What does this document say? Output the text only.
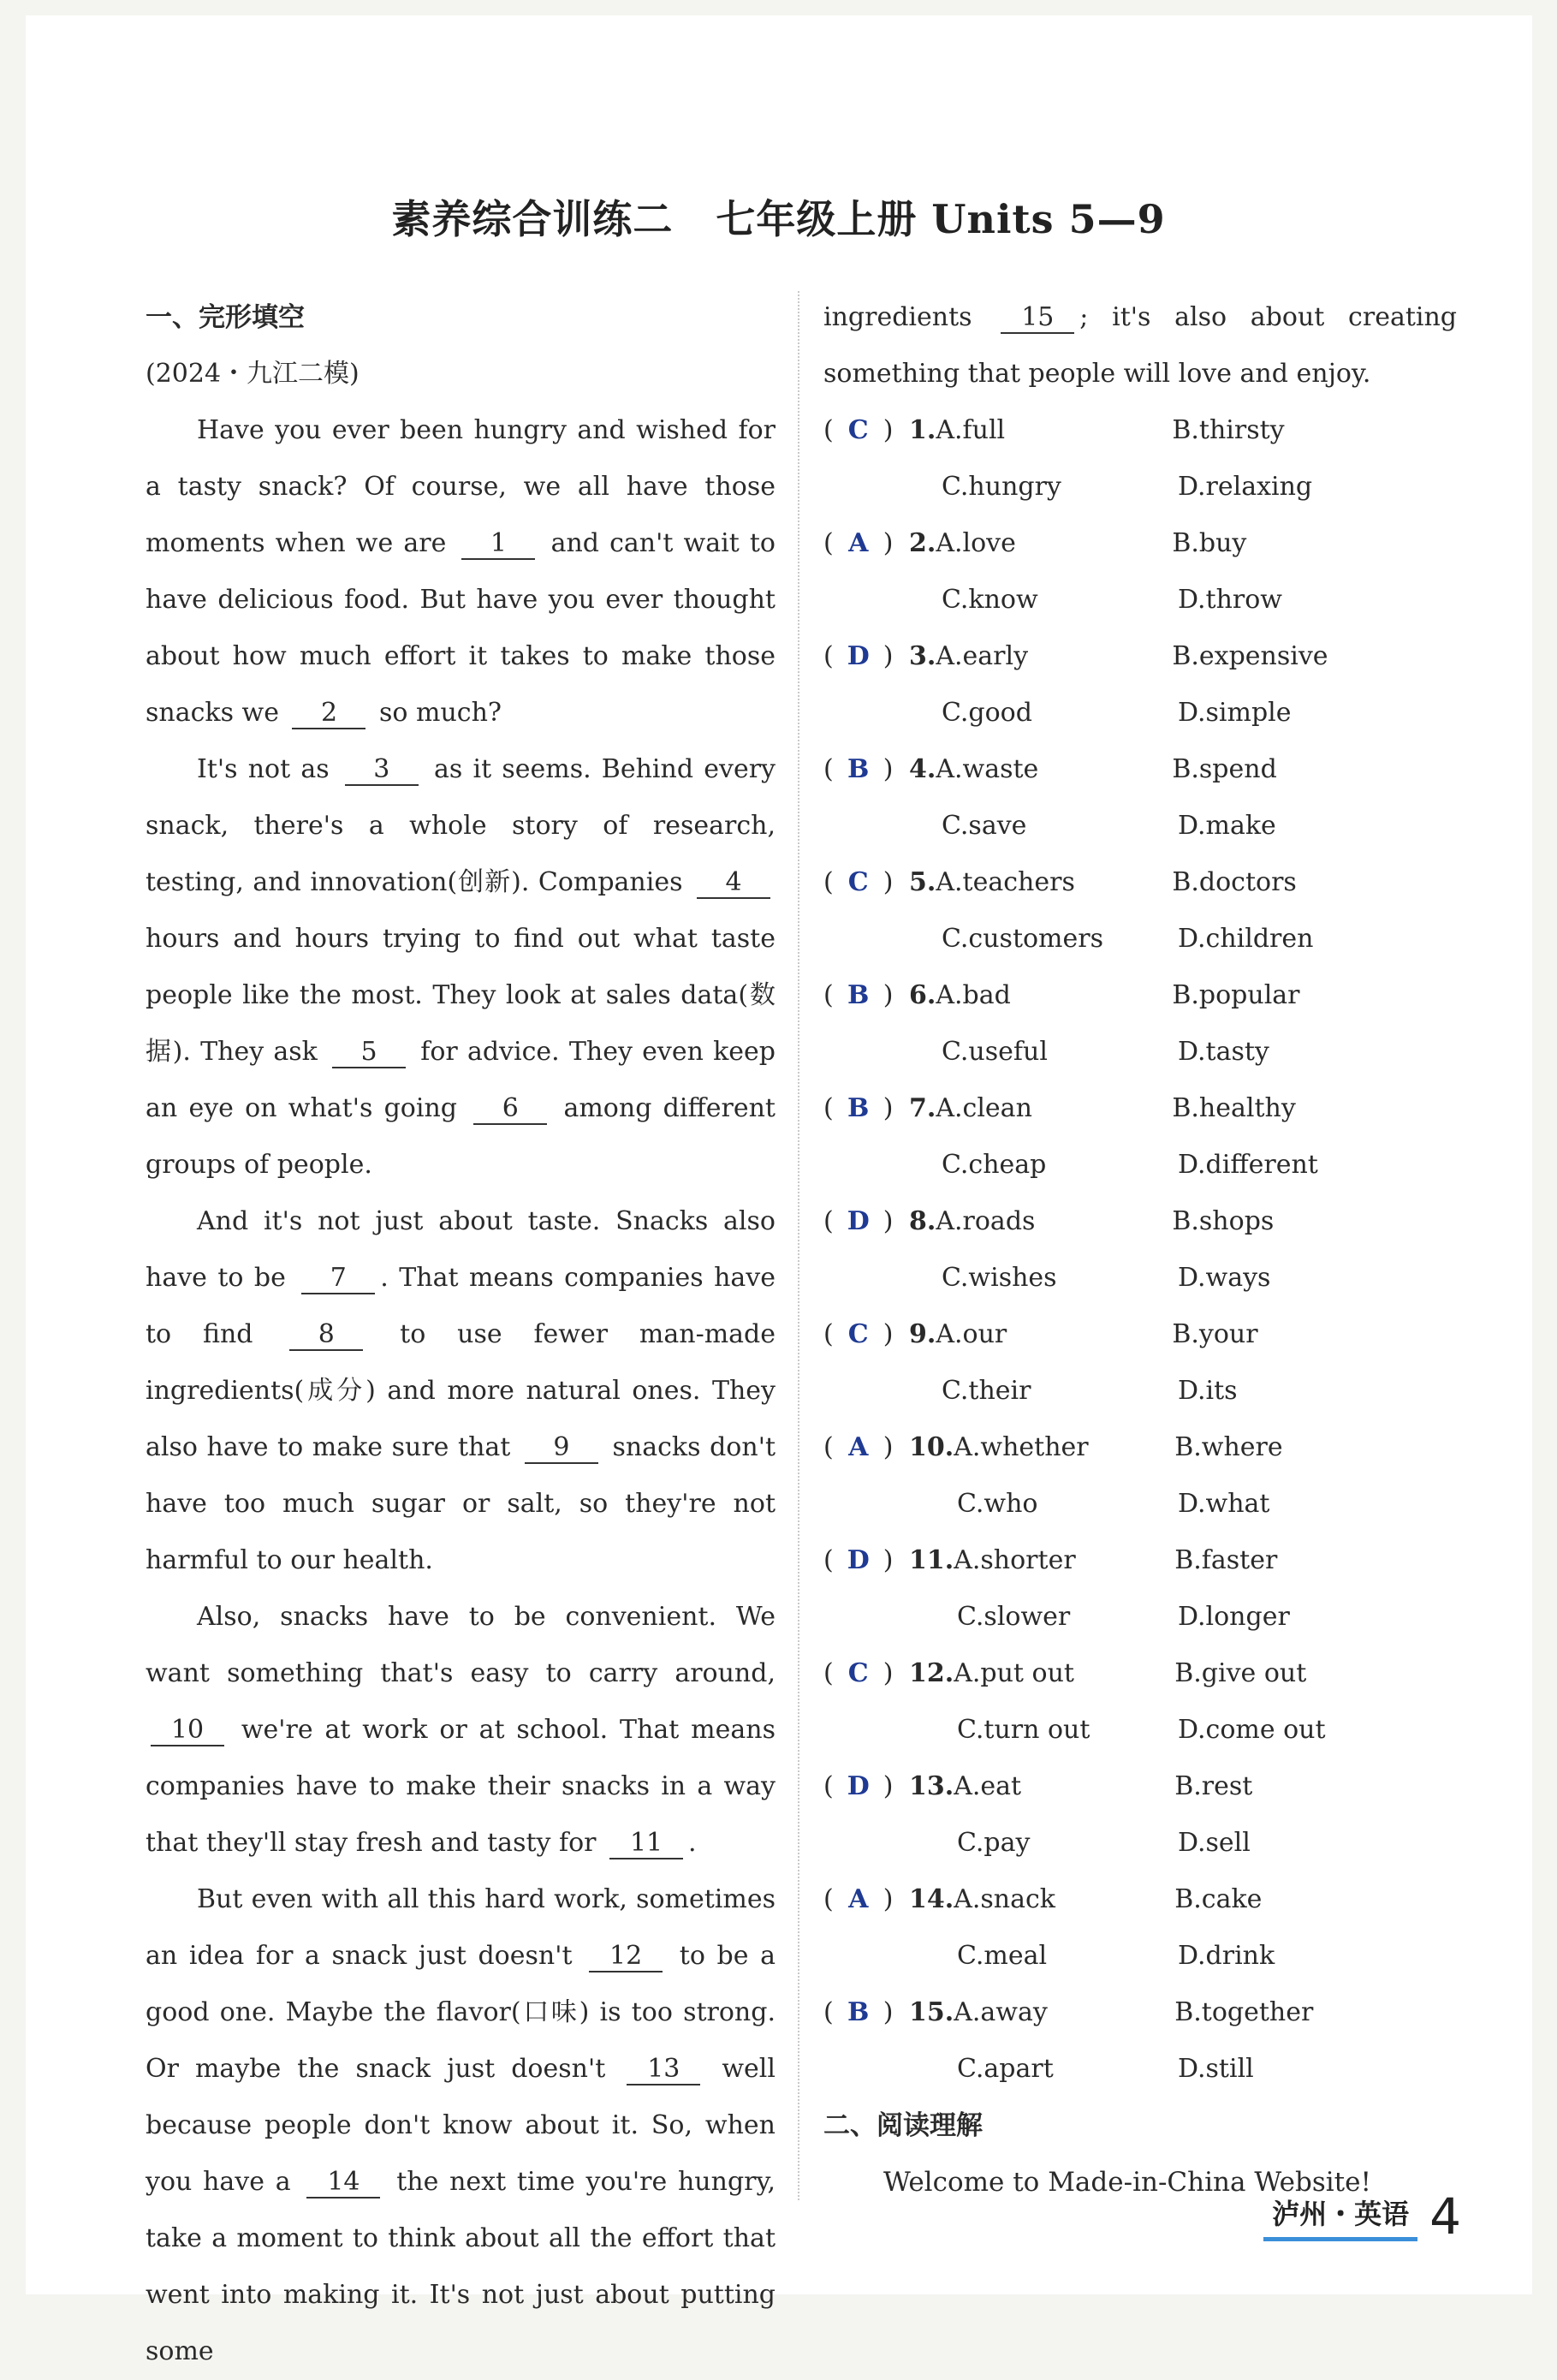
素养综合训练二 七年级上册 Units 5—9
一、完形填空
(2024・九江二模)

Have you ever been hungry and wished for a tasty snack? Of course, we all have those moments when we are 1 and can't wait to have delicious food. But have you ever thought about how much effort it takes to make those snacks we 2 so much?

It's not as 3 as it seems. Behind every snack, there's a whole story of research, testing, and innovation(创新). Companies 4 hours and hours trying to find out what taste people like the most. They look at sales data(数据). They ask 5 for advice. They even keep an eye on what's going 6 among different groups of people.

And it's not just about taste. Snacks also have to be 7 . That means companies have to find 8 to use fewer man-made ingredients(成分) and more natural ones. They also have to make sure that 9 snacks don't have too much sugar or salt, so they're not harmful to our health.

Also, snacks have to be convenient. We want something that's easy to carry around, 10 we're at work or at school. That means companies have to make their snacks in a way that they'll stay fresh and tasty for 11 .

But even with all this hard work, sometimes an idea for a snack just doesn't 12 to be a good one. Maybe the flavor(口味) is too strong. Or maybe the snack just doesn't 13 well because people don't know about it. So, when you have a 14 the next time you're hungry, take a moment to think about all the effort that went into making it. It's not just about putting some

ingredients 15 ; it's also about creating something that people will love and enjoy.

( C ) 1. A.full	B.thirsty
C.hungry	D.relaxing
( A ) 2. A.love	B.buy
C.know	D.throw
( D ) 3. A.early	B.expensive
C.good	D.simple
( B ) 4. A.waste	B.spend
C.save	D.make
( C ) 5. A.teachers	B.doctors
C.customers	D.children
( B ) 6. A.bad	B.popular
C.useful	D.tasty
( B ) 7. A.clean	B.healthy
C.cheap	D.different
( D ) 8. A.roads	B.shops
C.wishes	D.ways
( C ) 9. A.our	B.your
C.their	D.its
( A ) 10. A.whether	B.where
C.who	D.what
( D ) 11. A.shorter	B.faster
C.slower	D.longer
( C ) 12. A.put out	B.give out
C.turn out	D.come out
( D ) 13. A.eat	B.rest
C.pay	D.sell
( A ) 14. A.snack	B.cake
C.meal	D.drink
( B ) 15. A.away	B.together
C.apart	D.still
二、阅读理解
Welcome to Made-in-China Website!
泸州・英语 4
